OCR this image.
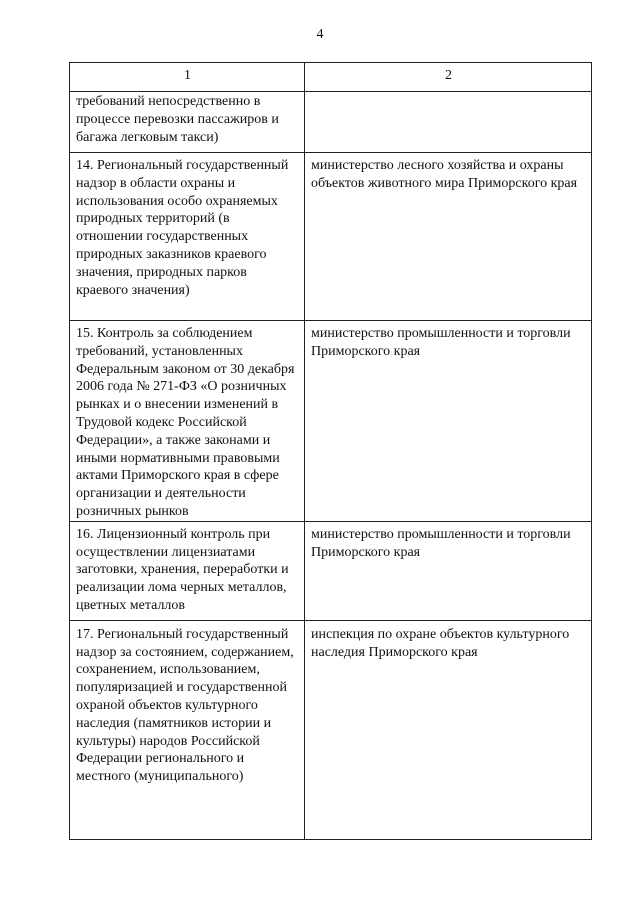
4
1	2

требований непосредственно в процессе перевозки пассажиров и багажа легковым такси)	

14. Региональный государственный надзор в области охраны и использования особо охраняемых природных территорий (в отношении государственных природных заказников краевого значения, природных парков краевого значения)	министерство лесного хозяйства и охраны объектов животного мира Приморского края

15. Контроль за соблюдением требований, установленных Федеральным законом от 30 декабря 2006 года № 271-ФЗ «О розничных рынках и о внесении изменений в Трудовой кодекс Российской Федерации», а также законами и иными нормативными правовыми актами Приморского края в сфере организации и деятельности розничных рынков	министерство промышленности и торговли Приморского края

16. Лицензионный контроль при осуществлении лицензиатами заготовки, хранения, переработки и реализации лома черных металлов, цветных металлов	министерство промышленности и торговли Приморского края

17. Региональный государственный надзор за состоянием, содержанием, сохранением, использованием, популяризацией и государственной охраной объектов культурного наследия (памятников истории и культуры) народов Российской Федерации регионального и местного (муниципального)	инспекция по охране объектов культурного наследия Приморского края
